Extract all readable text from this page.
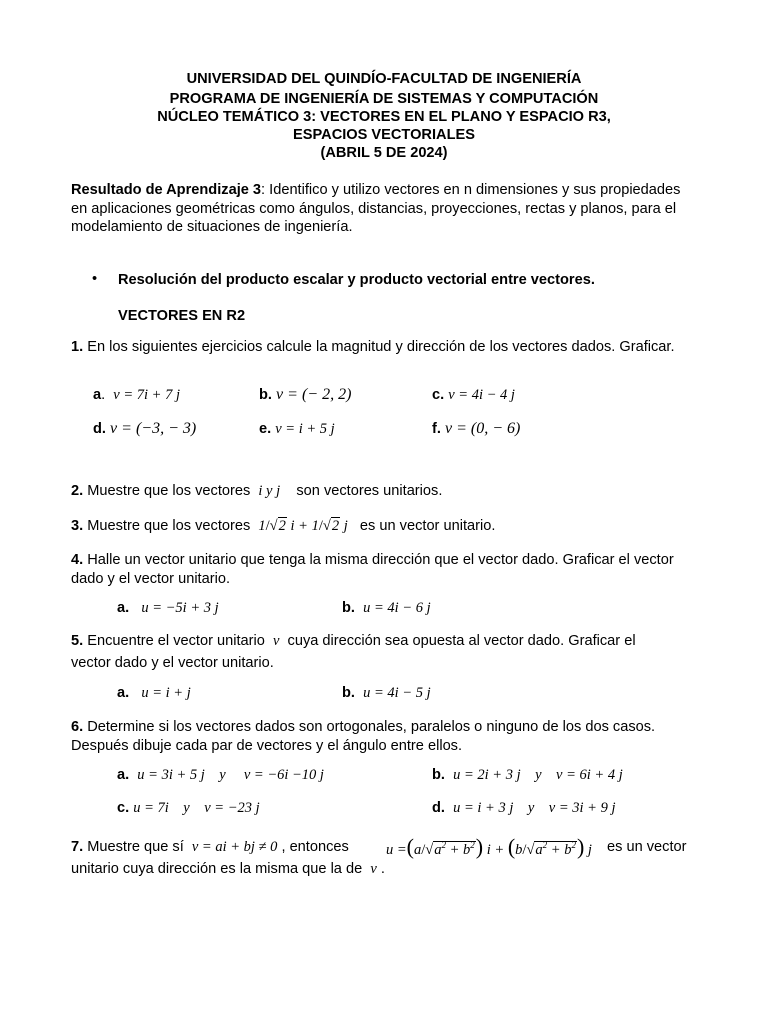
UNIVERSIDAD DEL QUINDÍO-FACULTAD DE INGENIERÍA
PROGRAMA DE INGENIERÍA DE SISTEMAS Y COMPUTACIÓN
NÚCLEO TEMÁTICO 3: VECTORES EN EL PLANO Y ESPACIO R3,
ESPACIOS VECTORIALES
(ABRIL 5 DE 2024)
Resultado de Aprendizaje 3: Identifico y utilizo vectores en n dimensiones y sus propiedades en aplicaciones geométricas como ángulos, distancias, proyecciones, rectas y planos, para el modelamiento de situaciones de ingeniería.
• Resolución del producto escalar y producto vectorial entre vectores.
VECTORES EN R2
1. En los siguientes ejercicios calcule la magnitud y dirección de los vectores dados. Graficar.
a. v = 7i + 7 j	b. v = (− 2, 2)	c. v = 4i − 4 j
d. v = (−3, − 3)	e. v = i + 5 j	f. v = (0, − 6)
2. Muestre que los vectores  i y j    son vectores unitarios.
3. Muestre que los vectores  1/√2 i + 1/√2 j es un vector unitario.
4. Halle un vector unitario que tenga la misma dirección que el vector dado. Graficar el vector dado y el vector unitario.
a. u = −5i + 3 j	b. u = 4i − 6 j
5. Encuentre el vector unitario  v  cuya dirección sea opuesta al vector dado. Graficar el
vector dado y el vector unitario.
a. u = i + j	b. u = 4i − 5 j
6. Determine si los vectores dados son ortogonales, paralelos o ninguno de los dos casos. Después dibuje cada par de vectores y el ángulo entre ellos.
a. u = 3i + 5 j    y     v = −6i −10 j	b. u = 2i + 3 j    y    v = 6i + 4 j
c. u = 7i    y    v = −23 j	d. u = i + 3 j    y    v = 3i + 9 j
7. Muestre que sí  v = ai + bj ≠ 0 , entonces	$u =(a/√a^2 + b^2) i + (b/√a^2 + b^2)$ j es un vector
unitario cuya dirección es la misma que la de  v .
